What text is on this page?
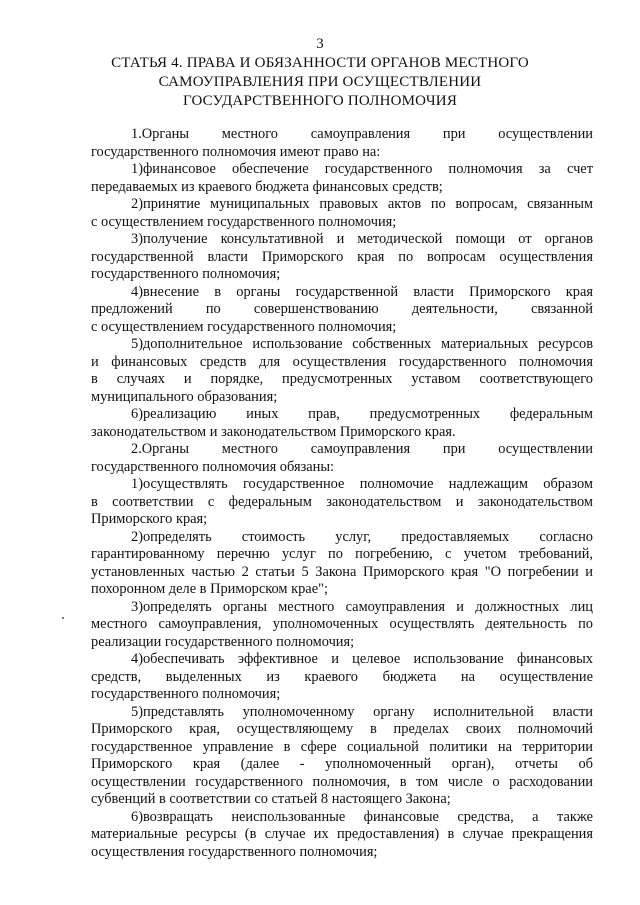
3
СТАТЬЯ 4. ПРАВА И ОБЯЗАННОСТИ ОРГАНОВ МЕСТНОГО
САМОУПРАВЛЕНИЯ ПРИ ОСУЩЕСТВЛЕНИИ
ГОСУДАРСТВЕННОГО ПОЛНОМОЧИЯ
1.Органы местного самоуправления при осуществлении
государственного полномочия имеют право на:
1)финансовое обеспечение государственного полномочия за счет
передаваемых из краевого бюджета финансовых средств;
2)принятие муниципальных правовых актов по вопросам, связанным
с осуществлением государственного полномочия;
3)получение консультативной и методической помощи от органов
государственной власти Приморского края по вопросам осуществления
государственного полномочия;
4)внесение в органы государственной власти Приморского края
предложений по совершенствованию деятельности, связанной
с осуществлением государственного полномочия;
5)дополнительное использование собственных материальных ресурсов
и финансовых средств для осуществления государственного полномочия
в случаях и порядке, предусмотренных уставом соответствующего
муниципального образования;
6)реализацию иных прав, предусмотренных федеральным
законодательством и законодательством Приморского края.
2.Органы местного самоуправления при осуществлении
государственного полномочия обязаны:
1)осуществлять государственное полномочие надлежащим образом
в соответствии с федеральным законодательством и законодательством
Приморского края;
2)определять стоимость услуг, предоставляемых согласно
гарантированному перечню услуг по погребению, с учетом требований,
установленных частью 2 статьи 5 Закона Приморского края "О погребении и
похоронном деле в Приморском крае";
3)определять органы местного самоуправления и должностных лиц
местного самоуправления, уполномоченных осуществлять деятельность по
реализации государственного полномочия;
4)обеспечивать эффективное и целевое использование финансовых
средств, выделенных из краевого бюджета на осуществление
государственного полномочия;
5)представлять уполномоченному органу исполнительной власти
Приморского края, осуществляющему в пределах своих полномочий
государственное управление в сфере социальной политики на территории
Приморского края (далее - уполномоченный орган), отчеты об
осуществлении государственного полномочия, в том числе о расходовании
субвенций в соответствии со статьей 8 настоящего Закона;
6)возвращать неиспользованные финансовые средства, а также
материальные ресурсы (в случае их предоставления) в случае прекращения
осуществления государственного полномочия;
